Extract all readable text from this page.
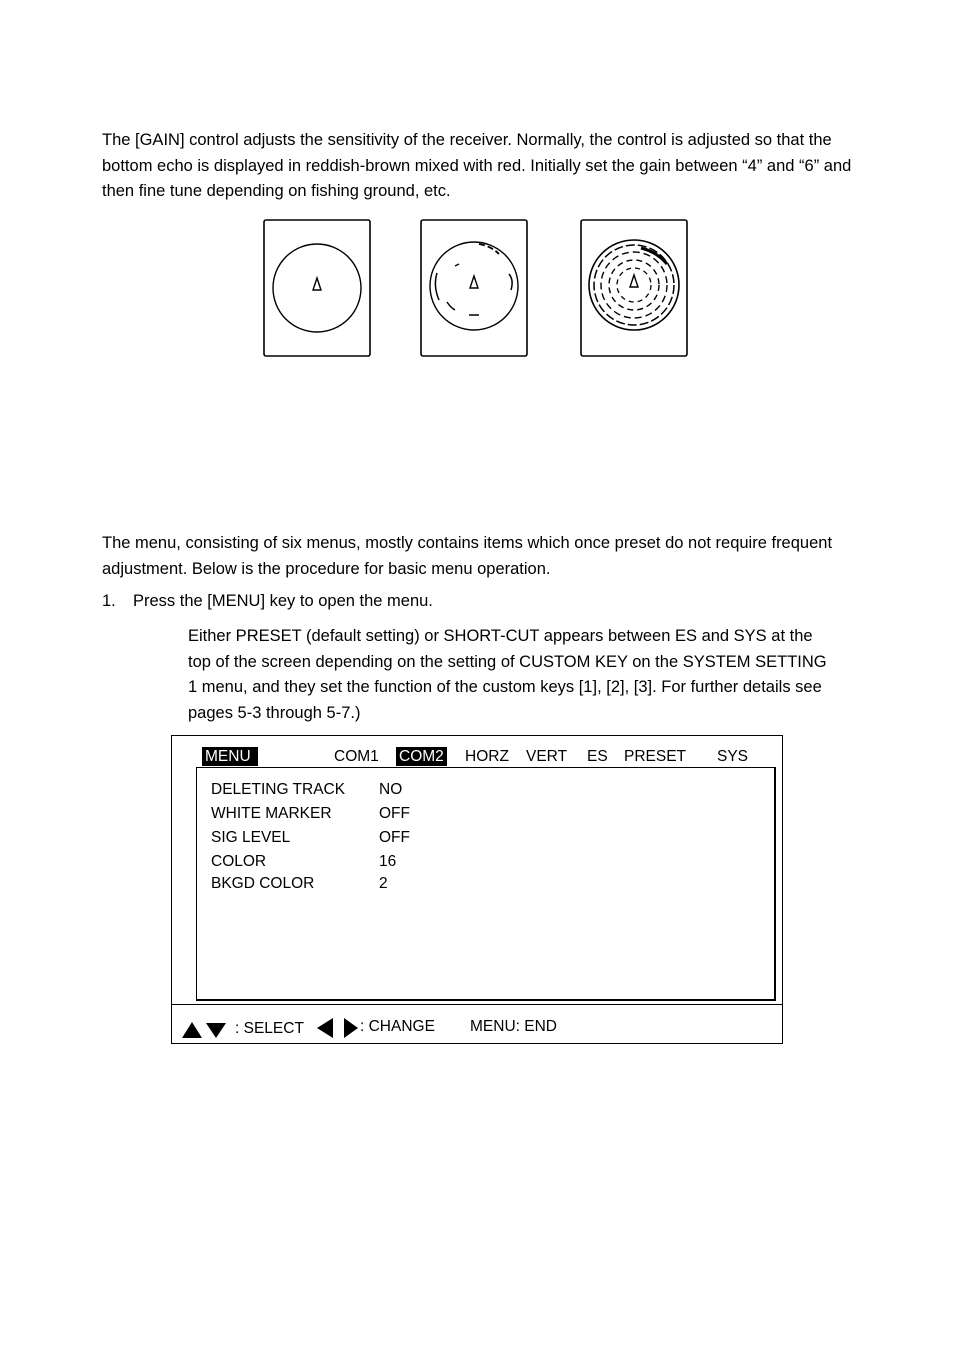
The [GAIN] control adjusts the sensitivity of the receiver. Normally, the control is adjusted so that the bottom echo is displayed in reddish-brown mixed with red. Initially set the gain between “4” and “6” and then fine tune depending on fishing ground, etc.

The menu, consisting of six menus, mostly contains items which once preset do not require frequent adjustment. Below is the procedure for basic menu operation.

1. Press the [MENU] key to open the menu.

Either PRESET (default setting) or SHORT-CUT appears between ES and SYS at the top of the screen depending on the setting of CUSTOM KEY on the SYSTEM SETTING 1 menu, and they set the function of the custom keys [1], [2], [3]. For further details see pages 5-3 through 5-7.)

MENU	COM1 COM2 HORZ VERT ES PRESET SYS
DELETING TRACK NO
WHITE MARKER	OFF
SIG LEVEL	OFF
COLOR	16
BKGD COLOR	2
: SELECT	: CHANGE MENU: END
